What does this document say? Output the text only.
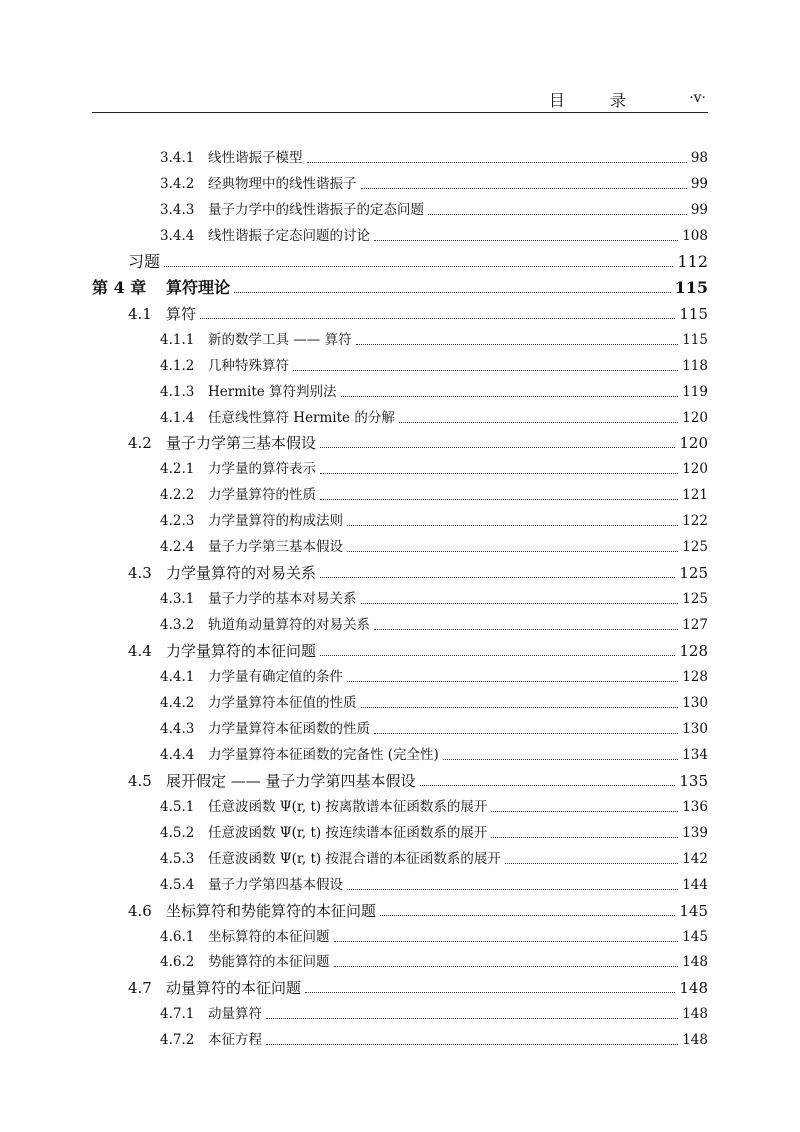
目 录	·v·
3.4.1	线性谐振子模型	98
3.4.2	经典物理中的线性谐振子	99
3.4.3	量子力学中的线性谐振子的定态问题	99
3.4.4	线性谐振子定态问题的讨论	108
习题	112
第 4 章	算符理论	115
4.1 算符	115
4.1.1	新的数学工具 —— 算符	115
4.1.2	几种特殊算符	118
4.1.3	Hermite 算符判别法	119
4.1.4	任意线性算符 Hermite 的分解	120
4.2 量子力学第三基本假设	120
4.2.1	力学量的算符表示	120
4.2.2	力学量算符的性质	121
4.2.3	力学量算符的构成法则	122
4.2.4	量子力学第三基本假设	125
4.3 力学量算符的对易关系	125
4.3.1	量子力学的基本对易关系	125
4.3.2	轨道角动量算符的对易关系	127
4.4 力学量算符的本征问题	128
4.4.1	力学量有确定值的条件	128
4.4.2	力学量算符本征值的性质	130
4.4.3	力学量算符本征函数的性质	130
4.4.4	力学量算符本征函数的完备性 (完全性)	134
4.5 展开假定 —— 量子力学第四基本假设	135
4.5.1	任意波函数 Ψ(r, t) 按离散谱本征函数系的展开	136
4.5.2	任意波函数 Ψ(r, t) 按连续谱本征函数系的展开	139
4.5.3	任意波函数 Ψ(r, t) 按混合谱的本征函数系的展开	142
4.5.4	量子力学第四基本假设	144
4.6 坐标算符和势能算符的本征问题	145
4.6.1	坐标算符的本征问题	145
4.6.2	势能算符的本征问题	148
4.7 动量算符的本征问题	148
4.7.1	动量算符	148
4.7.2	本征方程	148
